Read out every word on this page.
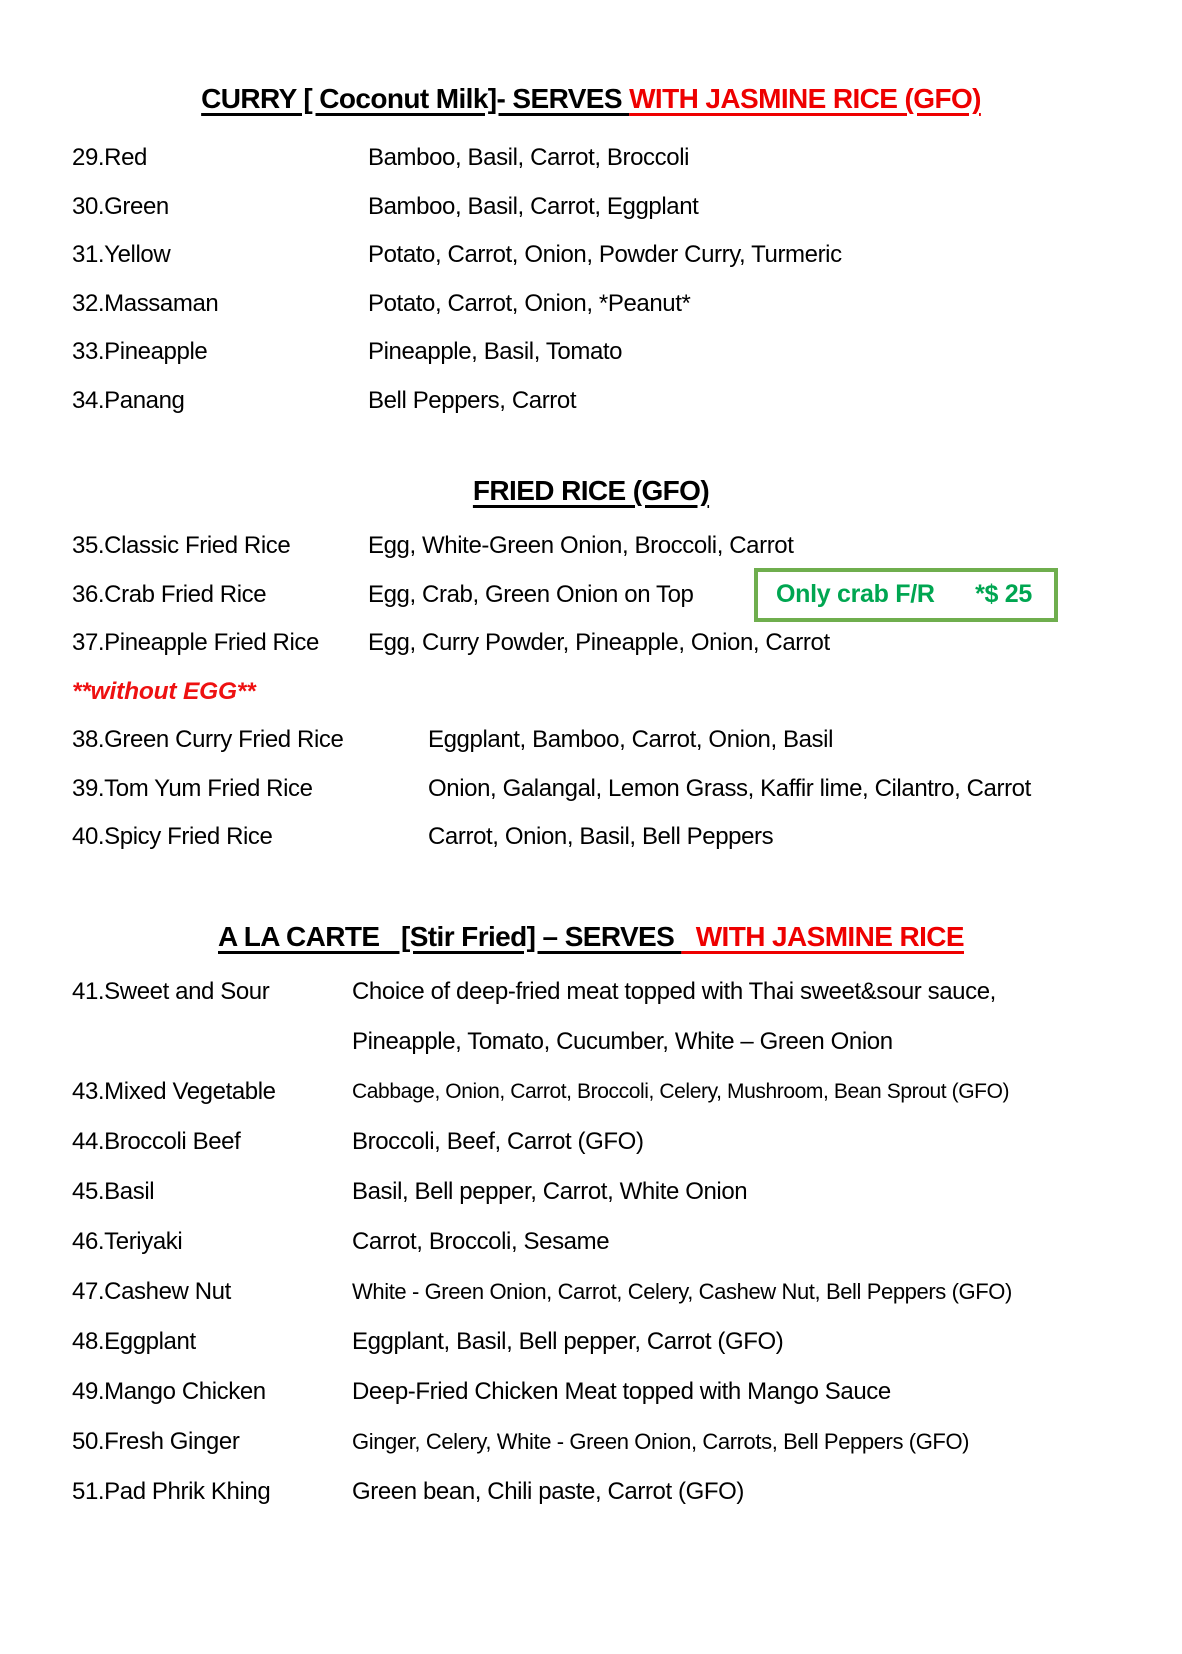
CURRY [ Coconut Milk]- SERVES WITH JASMINE RICE (GFO)
29.Red	Bamboo, Basil, Carrot, Broccoli
30.Green	Bamboo, Basil, Carrot, Eggplant
31.Yellow	Potato, Carrot, Onion, Powder Curry, Turmeric
32.Massaman	Potato, Carrot, Onion, *Peanut*
33.Pineapple	Pineapple, Basil, Tomato
34.Panang	Bell Peppers, Carrot
FRIED RICE (GFO)
35.Classic Fried Rice	Egg, White-Green Onion, Broccoli, Carrot
36.Crab Fried Rice	Egg, Crab, Green Onion on Top	Only crab F/R *$ 25
37.Pineapple Fried Rice	Egg, Curry Powder, Pineapple, Onion, Carrot
**without EGG**
38.Green Curry Fried Rice	Eggplant, Bamboo, Carrot, Onion, Basil
39.Tom Yum Fried Rice	Onion, Galangal, Lemon Grass, Kaffir lime, Cilantro, Carrot
40.Spicy Fried Rice	Carrot, Onion, Basil, Bell Peppers
A LA CARTE   [Stir Fried] – SERVES   WITH JASMINE RICE
41.Sweet and Sour	Choice of deep-fried meat topped with Thai sweet&sour sauce,
Pineapple, Tomato, Cucumber, White – Green Onion
43.Mixed Vegetable	Cabbage, Onion, Carrot, Broccoli, Celery, Mushroom, Bean Sprout (GFO)
44.Broccoli Beef	Broccoli, Beef, Carrot (GFO)
45.Basil	Basil, Bell pepper, Carrot, White Onion
46.Teriyaki	Carrot, Broccoli, Sesame
47.Cashew Nut	White - Green Onion, Carrot, Celery, Cashew Nut, Bell Peppers (GFO)
48.Eggplant	Eggplant, Basil, Bell pepper, Carrot (GFO)
49.Mango Chicken	Deep-Fried Chicken Meat topped with Mango Sauce
50.Fresh Ginger	Ginger, Celery, White - Green Onion, Carrots, Bell Peppers (GFO)
51.Pad Phrik Khing	Green bean, Chili paste, Carrot (GFO)
